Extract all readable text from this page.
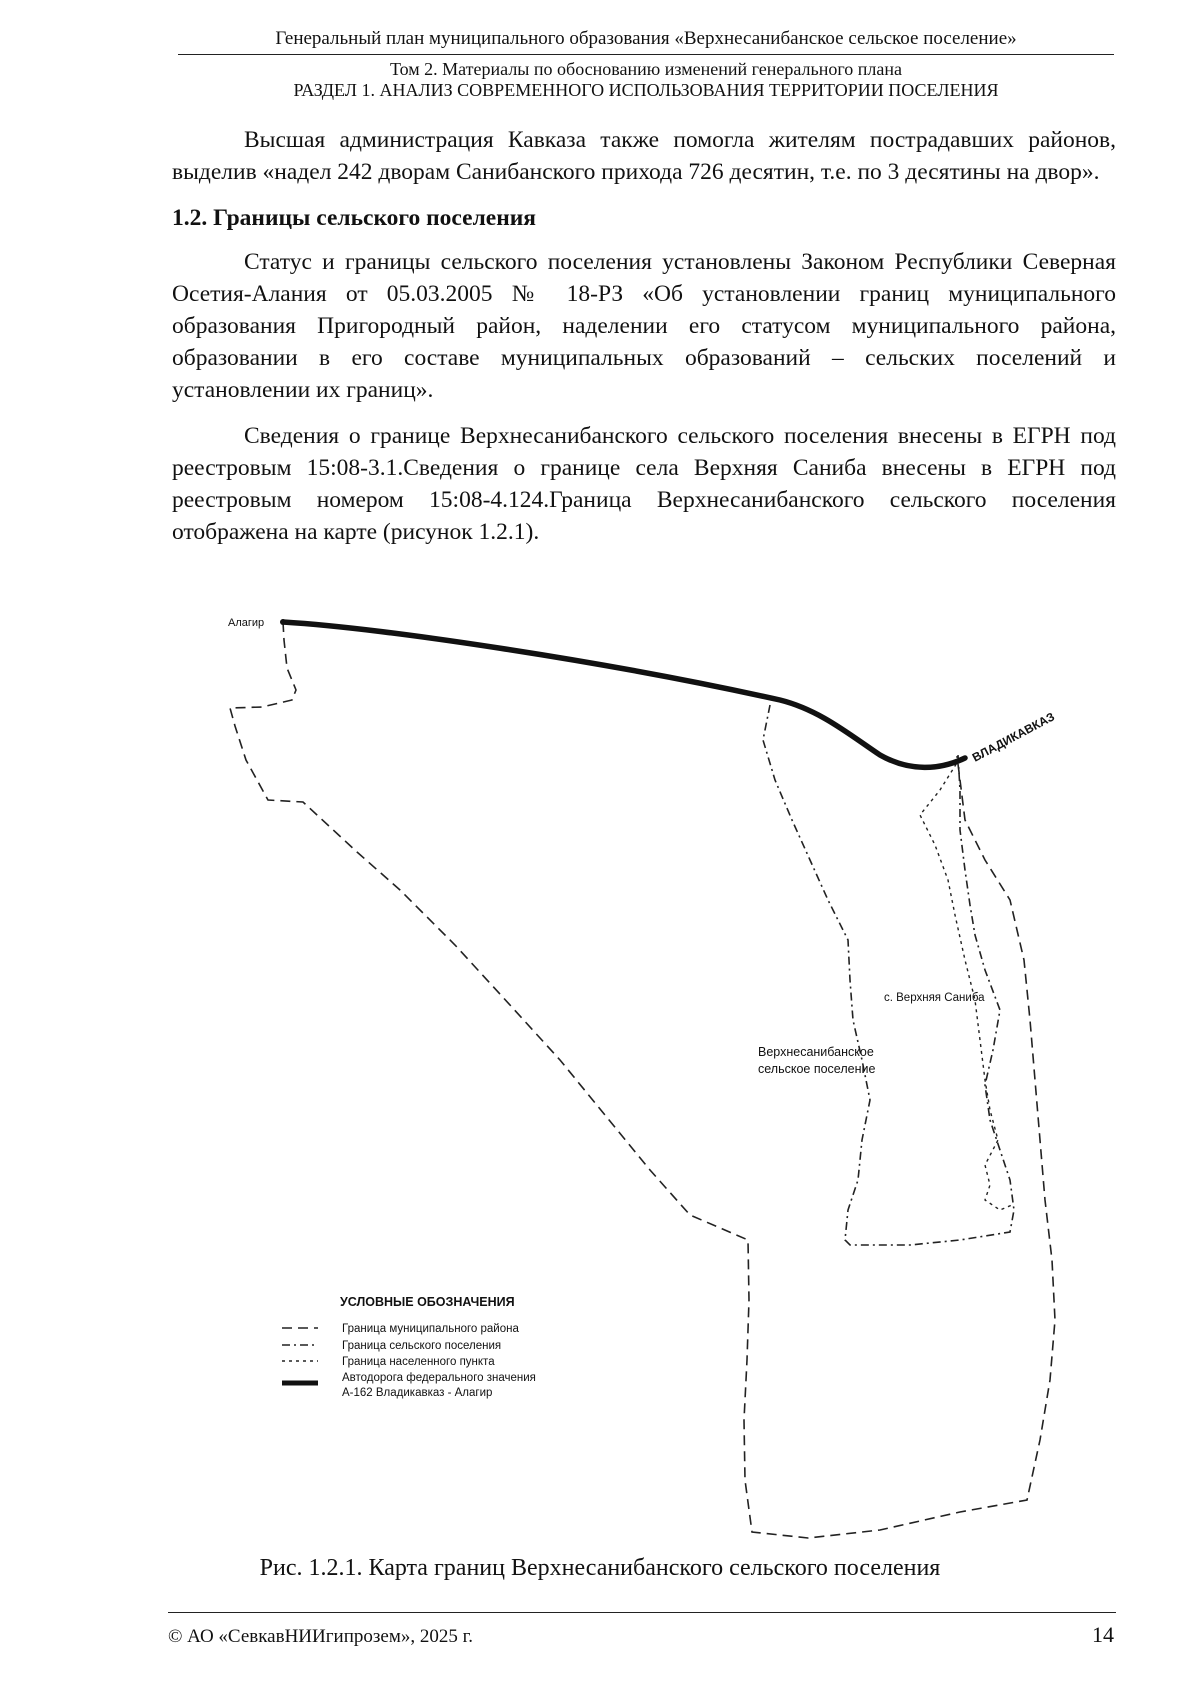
Генеральный план муниципального образования «Верхнесанибанское сельское поселение»
Том 2. Материалы по обоснованию изменений генерального плана
РАЗДЕЛ 1. АНАЛИЗ СОВРЕМЕННОГО ИСПОЛЬЗОВАНИЯ ТЕРРИТОРИИ ПОСЕЛЕНИЯ

Высшая администрация Кавказа также помогла жителям пострадавших районов, выделив «надел 242 дворам Санибанского прихода 726 десятин, т.е. по 3 десятины на двор».

1.2. Границы сельского поселения

Статус и границы сельского поселения установлены Законом Республики Северная Осетия-Алания от 05.03.2005 № 18-РЗ «Об установлении границ муниципального образования Пригородный район, наделении его статусом муниципального района, образовании в его составе муниципальных образований – сельских поселений и установлении их границ».

Сведения о границе Верхнесанибанского сельского поселения внесены в ЕГРН под реестровым 15:08-3.1.Сведения о границе села Верхняя Саниба внесены в ЕГРН под реестровым номером 15:08-4.124.Граница Верхнесанибанского сельского поселения отображена на карте (рисунок 1.2.1).

Алагир
ВЛАДИКАВКАЗ
с. Верхняя Саниба
Верхнесанибанское
сельское поселение
УСЛОВНЫЕ ОБОЗНАЧЕНИЯ
Граница муниципального района
Граница сельского поселения
Граница населенного пункта
Автодорога федерального значения
А-162 Владикавказ - Алагир
Рис. 1.2.1. Карта границ Верхнесанибанского сельского поселения
© АО «СевкавНИИгипрозем», 2025 г.	14
